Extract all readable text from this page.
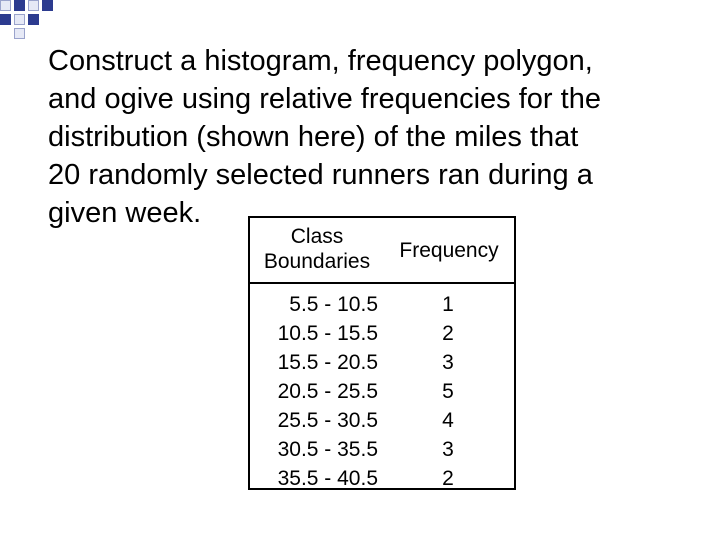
Construct a histogram, frequency polygon,
and ogive using relative frequencies for the
distribution (shown here) of the miles that
20 randomly selected runners ran during a
given week.

Class
Boundaries	Frequency
5.5 - 10.5	1
10.5 - 15.5	2
15.5 - 20.5	3
20.5 - 25.5	5
25.5 - 30.5	4
30.5 - 35.5	3
35.5 - 40.5	2
